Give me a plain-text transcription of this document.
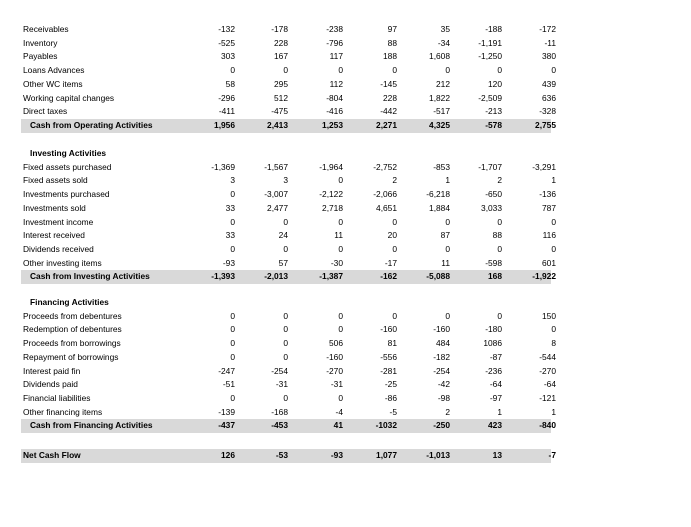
Receivables	-132	-178	-238	97	35	-188	-172
Inventory	-525	228	-796	88	-34	-1,191	-11
Payables	303	167	117	188	1,608	-1,250	380
Loans Advances	0	0	0	0	0	0	0
Other WC items	58	295	112	-145	212	120	439
Working capital changes	-296	512	-804	228	1,822	-2,509	636
Direct taxes	-411	-475	-416	-442	-517	-213	-328
Cash from Operating Activities	1,956	2,413	1,253	2,271	4,325	-578	2,755
Investing Activities
Fixed assets purchased	-1,369	-1,567	-1,964	-2,752	-853	-1,707	-3,291
Fixed assets sold	3	3	0	2	1	2	1
Investments purchased	0	-3,007	-2,122	-2,066	-6,218	-650	-136
Investments sold	33	2,477	2,718	4,651	1,884	3,033	787
Investment income	0	0	0	0	0	0	0
Interest received	33	24	11	20	87	88	116
Dividends received	0	0	0	0	0	0	0
Other investing items	-93	57	-30	-17	11	-598	601
Cash from Investing Activities	-1,393	-2,013	-1,387	-162	-5,088	168	-1,922
Financing Activities
Proceeds from debentures	0	0	0	0	0	0	150
Redemption of debentures	0	0	0	-160	-160	-180	0
Proceeds from borrowings	0	0	506	81	484	1086	8
Repayment of borrowings	0	0	-160	-556	-182	-87	-544
Interest paid fin	-247	-254	-270	-281	-254	-236	-270
Dividends paid	-51	-31	-31	-25	-42	-64	-64
Financial liabilities	0	0	0	-86	-98	-97	-121
Other financing items	-139	-168	-4	-5	2	1	1
Cash from Financing Activities	-437	-453	41	-1032	-250	423	-840
Net Cash Flow	126	-53	-93	1,077	-1,013	13	-7
